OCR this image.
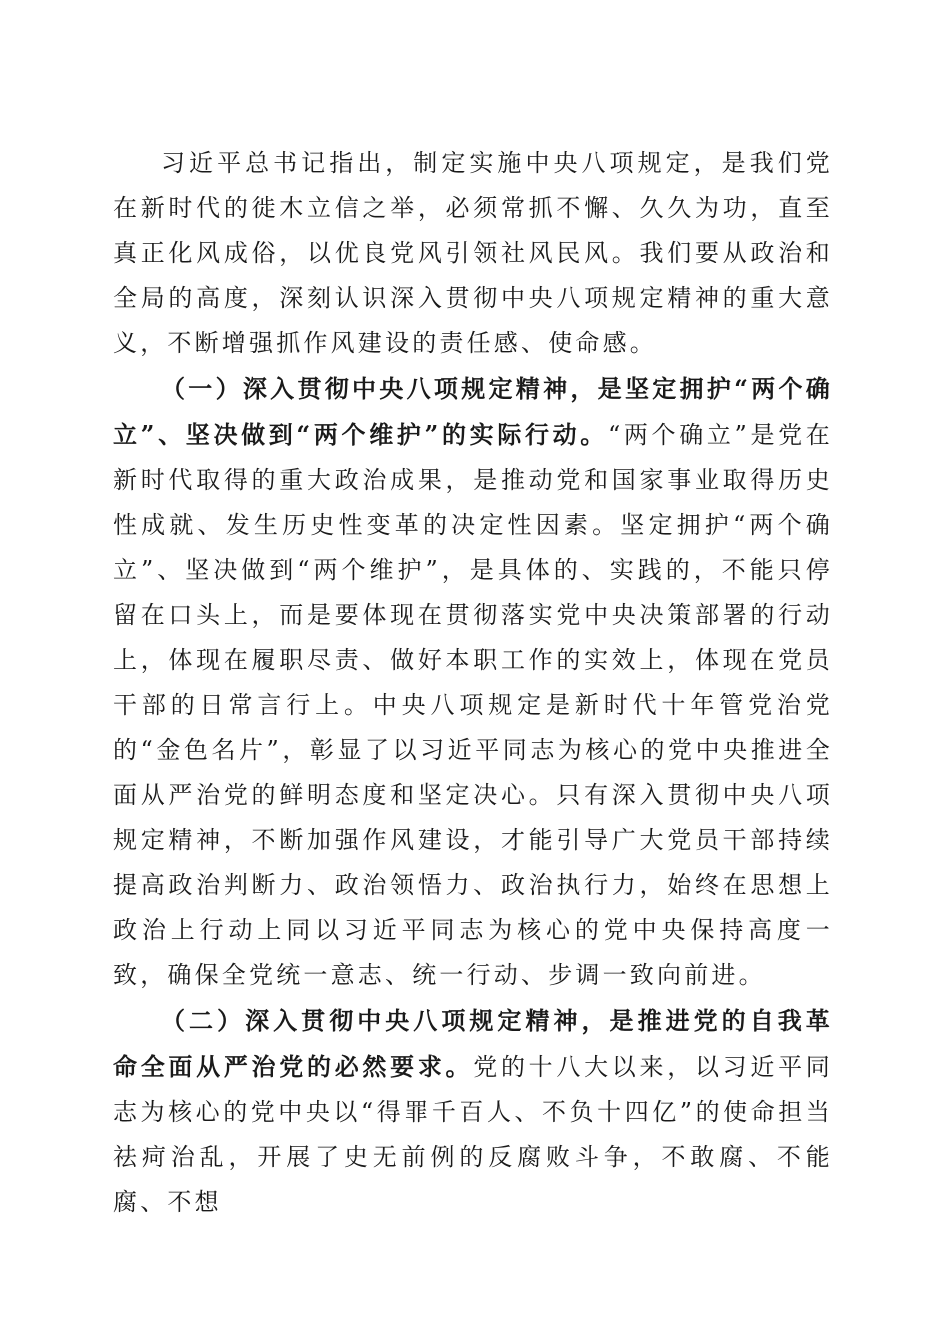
习近平总书记指出，制定实施中央八项规定，是我们党在新时代的徙木立信之举，必须常抓不懈、久久为功，直至真正化风成俗，以优良党风引领社风民风。我们要从政治和全局的高度，深刻认识深入贯彻中央八项规定精神的重大意义，不断增强抓作风建设的责任感、使命感。

（一）深入贯彻中央八项规定精神，是坚定拥护“两个确立”、坚决做到“两个维护”的实际行动。“两个确立”是党在新时代取得的重大政治成果，是推动党和国家事业取得历史性成就、发生历史性变革的决定性因素。坚定拥护“两个确立”、坚决做到“两个维护”，是具体的、实践的，不能只停留在口头上，而是要体现在贯彻落实党中央决策部署的行动上，体现在履职尽责、做好本职工作的实效上，体现在党员干部的日常言行上。中央八项规定是新时代十年管党治党的“金色名片”，彰显了以习近平同志为核心的党中央推进全面从严治党的鲜明态度和坚定决心。只有深入贯彻中央八项规定精神，不断加强作风建设，才能引导广大党员干部持续提高政治判断力、政治领悟力、政治执行力，始终在思想上政治上行动上同以习近平同志为核心的党中央保持高度一致，确保全党统一意志、统一行动、步调一致向前进。

（二）深入贯彻中央八项规定精神，是推进党的自我革命全面从严治党的必然要求。党的十八大以来，以习近平同志为核心的党中央以“得罪千百人、不负十四亿”的使命担当祛疴治乱，开展了史无前例的反腐败斗争，不敢腐、不能腐、不想
